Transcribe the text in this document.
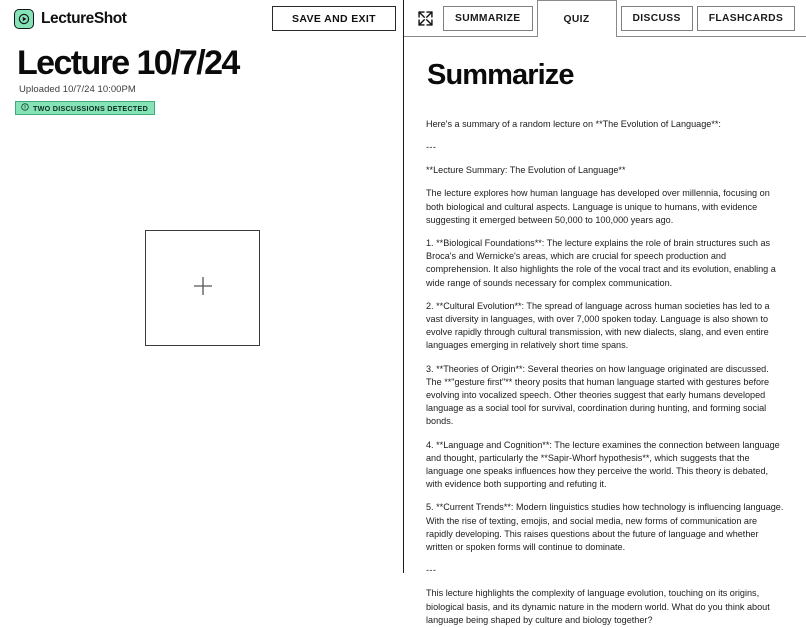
LectureShot	SAVE AND EXIT
Lecture 10/7/24
Uploaded 10/7/24 10:00PM
TWO DISCUSSIONS DETECTED
SUMMARIZE	QUIZ	DISCUSS	FLASHCARDS
Summarize

Here's a summary of a random lecture on **The Evolution of Language**:

---

**Lecture Summary: The Evolution of Language**

The lecture explores how human language has developed over millennia, focusing on both biological and cultural aspects. Language is unique to humans, with evidence suggesting it emerged between 50,000 to 100,000 years ago.

1. **Biological Foundations**: The lecture explains the role of brain structures such as Broca's and Wernicke's areas, which are crucial for speech production and comprehension. It also highlights the role of the vocal tract and its evolution, enabling a wide range of sounds necessary for complex communication.

2. **Cultural Evolution**: The spread of language across human societies has led to a vast diversity in languages, with over 7,000 spoken today. Language is also shown to evolve rapidly through cultural transmission, with new dialects, slang, and even entire languages emerging in relatively short time spans.

3. **Theories of Origin**: Several theories on how language originated are discussed. The **"gesture first"** theory posits that human language started with gestures before evolving into vocalized speech. Other theories suggest that early humans developed language as a social tool for survival, coordination during hunting, and forming social bonds.

4. **Language and Cognition**: The lecture examines the connection between language and thought, particularly the **Sapir-Whorf hypothesis**, which suggests that the language one speaks influences how they perceive the world. This theory is debated, with evidence both supporting and refuting it.

5. **Current Trends**: Modern linguistics studies how technology is influencing language. With the rise of texting, emojis, and social media, new forms of communication are rapidly developing. This raises questions about the future of language and whether written or spoken forms will continue to dominate.

---

This lecture highlights the complexity of language evolution, touching on its origins, biological basis, and its dynamic nature in the modern world. What do you think about language being shaped by culture and biology together?
